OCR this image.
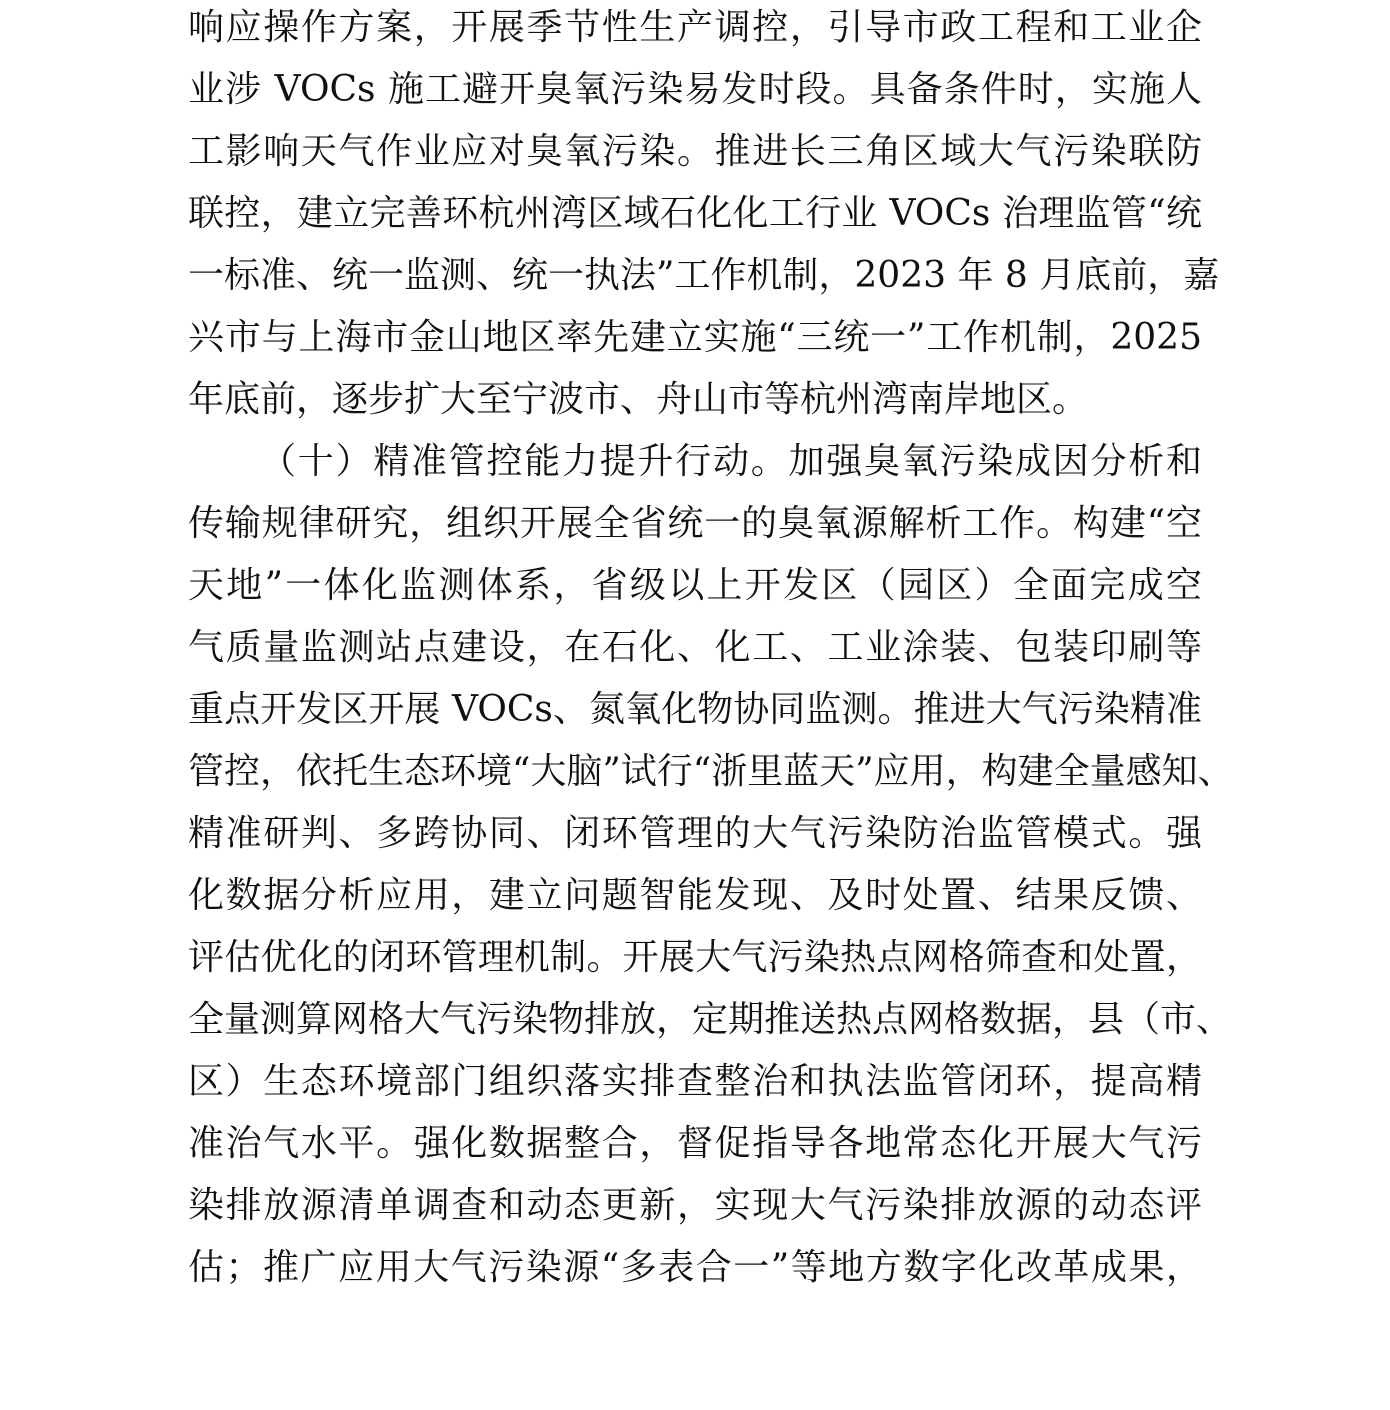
响应操作方案，开展季节性生产调控，引导市政工程和工业企
业涉 VOCs 施工避开臭氧污染易发时段。具备条件时，实施人
工影响天气作业应对臭氧污染。推进长三角区域大气污染联防
联控，建立完善环杭州湾区域石化化工行业 VOCs 治理监管“统
一标准、统一监测、统一执法”工作机制，2023 年 8 月底前，嘉
兴市与上海市金山地区率先建立实施“三统一”工作机制，2025
年底前，逐步扩大至宁波市、舟山市等杭州湾南岸地区。
（十）精准管控能力提升行动。加强臭氧污染成因分析和
传输规律研究，组织开展全省统一的臭氧源解析工作。构建“空
天地”一体化监测体系，省级以上开发区（园区）全面完成空
气质量监测站点建设，在石化、化工、工业涂装、包装印刷等
重点开发区开展 VOCs、氮氧化物协同监测。推进大气污染精准
管控，依托生态环境“大脑”试行“浙里蓝天”应用，构建全量感知、
精准研判、多跨协同、闭环管理的大气污染防治监管模式。强
化数据分析应用，建立问题智能发现、及时处置、结果反馈、
评估优化的闭环管理机制。开展大气污染热点网格筛查和处置，
全量测算网格大气污染物排放，定期推送热点网格数据，县（市、
区）生态环境部门组织落实排查整治和执法监管闭环，提高精
准治气水平。强化数据整合，督促指导各地常态化开展大气污
染排放源清单调查和动态更新，实现大气污染排放源的动态评
估；推广应用大气污染源“多表合一”等地方数字化改革成果，
